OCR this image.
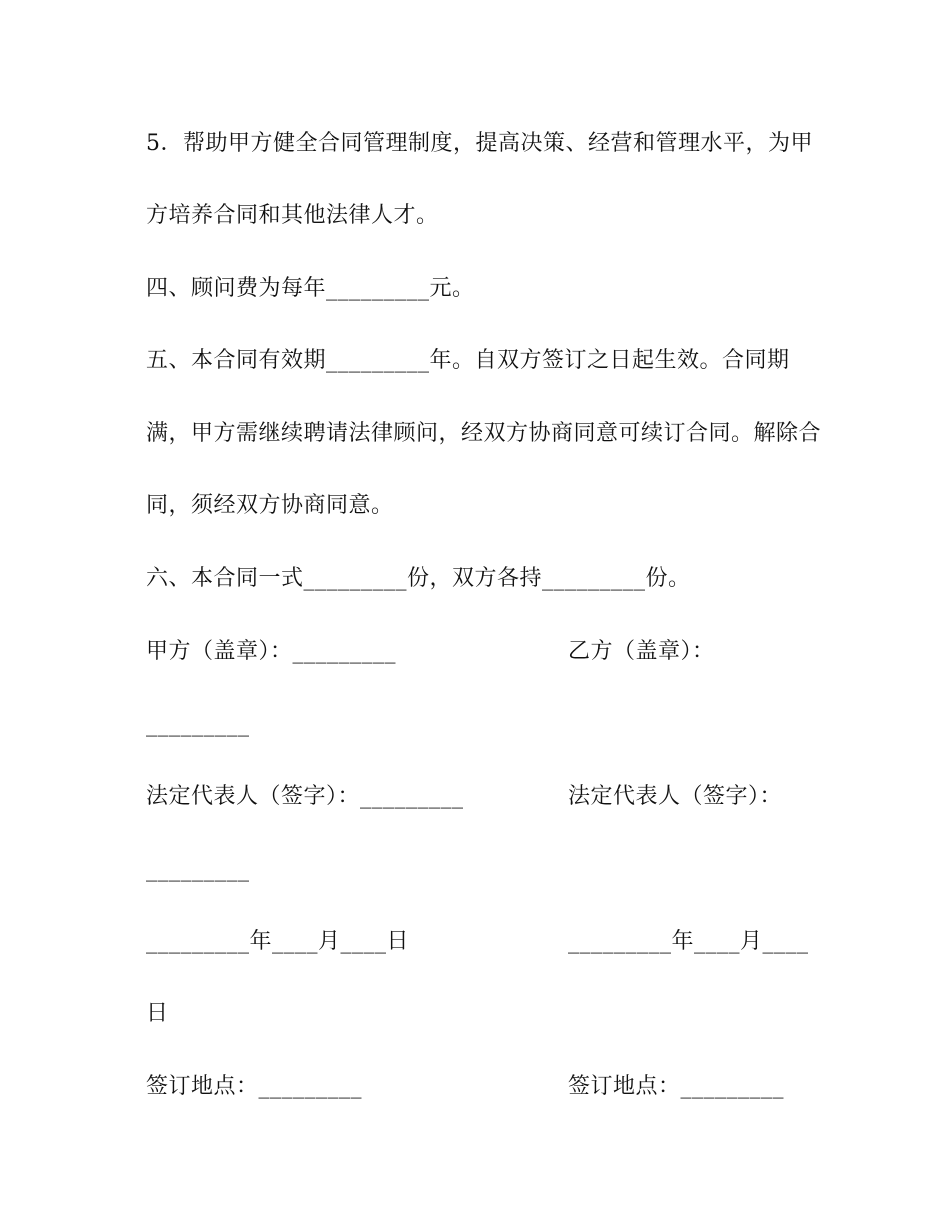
5．帮助甲方健全合同管理制度，提高决策、经营和管理水平，为甲
方培养合同和其他法律人才。
四、顾问费为每年_________元。
五、本合同有效期_________年。自双方签订之日起生效。合同期
满，甲方需继续聘请法律顾问，经双方协商同意可续订合同。解除合
同，须经双方协商同意。
六、本合同一式_________份，双方各持_________份。
甲方（盖章）：_________	乙方（盖章）：
_________
法定代表人（签字）：_________	法定代表人（签字）：
_________
_________年____月____日	_________年____月____
日
签订地点：_________	签订地点：_________
